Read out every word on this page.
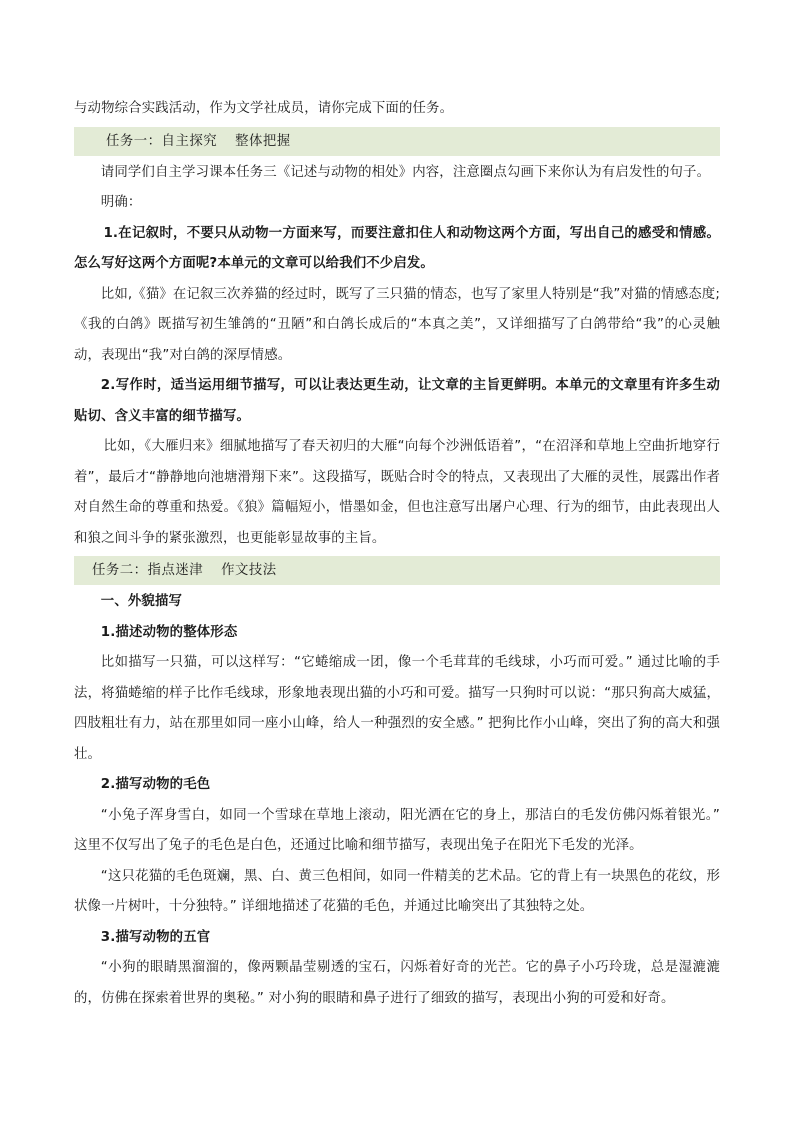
与动物综合实践活动，作为文学社成员，请你完成下面的任务。

任务一：自主探究 整体把握

请同学们自主学习课本任务三《记述与动物的相处》内容，注意圈点勾画下来你认为有启发性的句子。

明确：

1.在记叙时，不要只从动物一方面来写，而要注意扣住人和动物这两个方面，写出自己的感受和情感。怎么写好这两个方面呢?本单元的文章可以给我们不少启发。

比如,《猫》在记叙三次养猫的经过时，既写了三只猫的情态，也写了家里人特别是“我”对猫的情感态度;《我的白鸽》既描写初生雏鸽的“丑陋”和白鸽长成后的“本真之美”，又详细描写了白鸽带给“我”的心灵触动，表现出“我”对白鸽的深厚情感。

2.写作时，适当运用细节描写，可以让表达更生动，让文章的主旨更鲜明。本单元的文章里有许多生动贴切、含义丰富的细节描写。

比如，《大雁归来》细腻地描写了春天初归的大雁“向每个沙洲低语着”，“在沼泽和草地上空曲折地穿行着”，最后才“静静地向池塘滑翔下来”。这段描写，既贴合时令的特点，又表现出了大雁的灵性，展露出作者对自然生命的尊重和热爱。《狼》篇幅短小，惜墨如金，但也注意写出屠户心理、行为的细节，由此表现出人和狼之间斗争的紧张激烈，也更能彰显故事的主旨。

任务二：指点迷津 作文技法

一、外貌描写

1.描述动物的整体形态

比如描写一只猫，可以这样写：“它蜷缩成一团，像一个毛茸茸的毛线球，小巧而可爱。” 通过比喻的手法，将猫蜷缩的样子比作毛线球，形象地表现出猫的小巧和可爱。描写一只狗时可以说：“那只狗高大威猛，四肢粗壮有力，站在那里如同一座小山峰，给人一种强烈的安全感。” 把狗比作小山峰，突出了狗的高大和强壮。

2.描写动物的毛色

“小兔子浑身雪白，如同一个雪球在草地上滚动，阳光洒在它的身上，那洁白的毛发仿佛闪烁着银光。” 这里不仅写出了兔子的毛色是白色，还通过比喻和细节描写，表现出兔子在阳光下毛发的光泽。

“这只花猫的毛色斑斓，黑、白、黄三色相间，如同一件精美的艺术品。它的背上有一块黑色的花纹，形状像一片树叶，十分独特。” 详细地描述了花猫的毛色，并通过比喻突出了其独特之处。

3.描写动物的五官

“小狗的眼睛黑溜溜的，像两颗晶莹剔透的宝石，闪烁着好奇的光芒。它的鼻子小巧玲珑，总是湿漉漉的，仿佛在探索着世界的奥秘。” 对小狗的眼睛和鼻子进行了细致的描写，表现出小狗的可爱和好奇。
